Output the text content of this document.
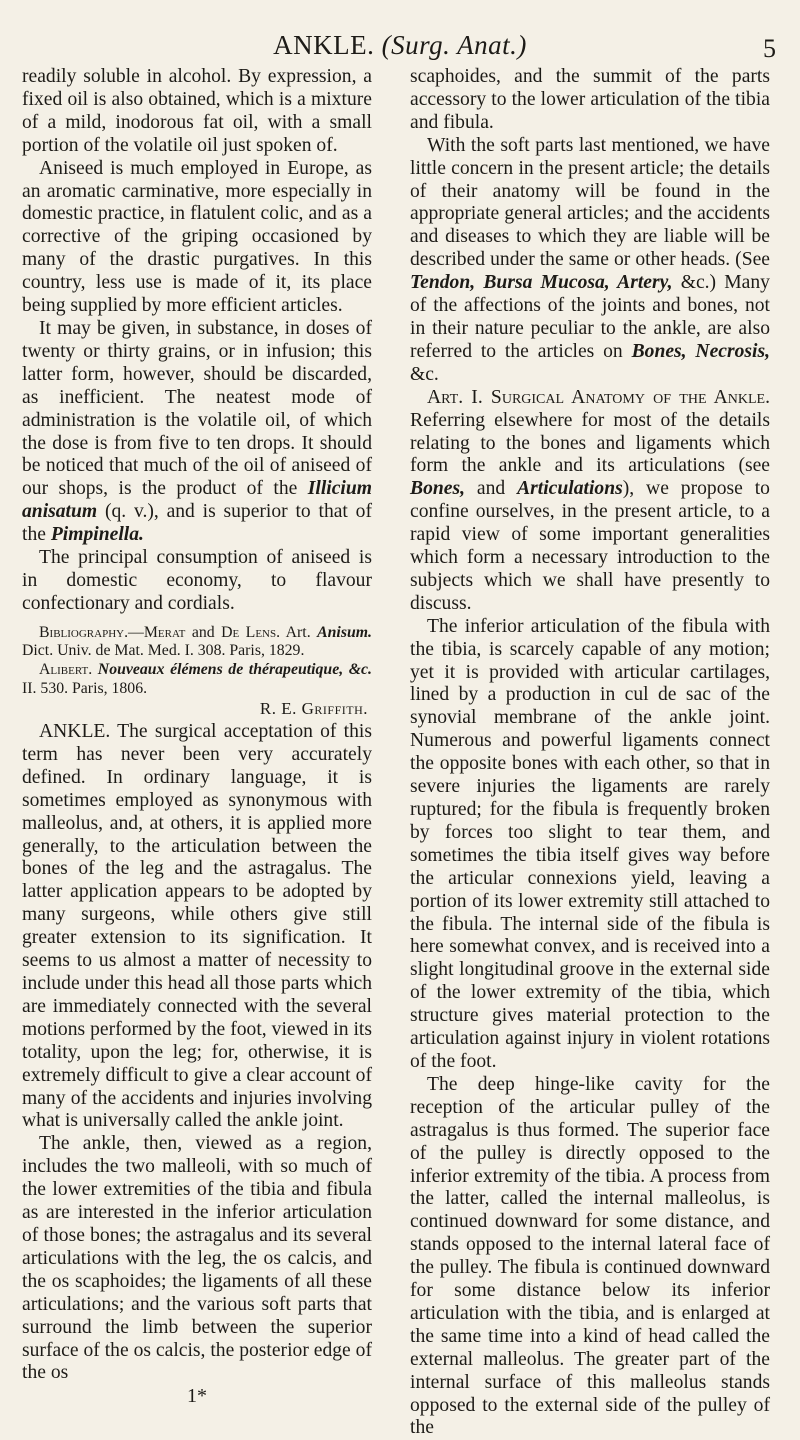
ANKLE. (Surg. Anat.)	5

readily soluble in alcohol. By expression, a fixed oil is also obtained, which is a mixture of a mild, inodorous fat oil, with a small portion of the volatile oil just spoken of.

Aniseed is much employed in Europe, as an aromatic carminative, more especially in domestic practice, in flatulent colic, and as a corrective of the griping occasioned by many of the drastic purgatives. In this country, less use is made of it, its place being supplied by more efficient articles.

It may be given, in substance, in doses of twenty or thirty grains, or in infusion; this latter form, however, should be discarded, as inefficient. The neatest mode of administration is the volatile oil, of which the dose is from five to ten drops. It should be noticed that much of the oil of aniseed of our shops, is the product of the Illicium anisatum (q. v.), and is superior to that of the Pimpinella.

The principal consumption of aniseed is in domestic economy, to flavour confectionary and cordials.

Bibliography.—Merat and De Lens. Art. Anisum. Dict. Univ. de Mat. Med. I. 308. Paris, 1829.

Alibert. Nouveaux élémens de thérapeutique, &c. II. 530. Paris, 1806.

R. E. Griffith.

ANKLE. The surgical acceptation of this term has never been very accurately defined. In ordinary language, it is sometimes employed as synonymous with malleolus, and, at others, it is applied more generally, to the articulation between the bones of the leg and the astragalus. The latter application appears to be adopted by many surgeons, while others give still greater extension to its signification. It seems to us almost a matter of necessity to include under this head all those parts which are immediately connected with the several motions performed by the foot, viewed in its totality, upon the leg; for, otherwise, it is extremely difficult to give a clear account of many of the accidents and injuries involving what is universally called the ankle joint.

The ankle, then, viewed as a region, includes the two malleoli, with so much of the lower extremities of the tibia and fibula as are interested in the inferior articulation of those bones; the astragalus and its several articulations with the leg, the os calcis, and the os scaphoides; the ligaments of all these articulations; and the various soft parts that surround the limb between the superior surface of the os calcis, the posterior edge of the os

1*

scaphoides, and the summit of the parts accessory to the lower articulation of the tibia and fibula.

With the soft parts last mentioned, we have little concern in the present article; the details of their anatomy will be found in the appropriate general articles; and the accidents and diseases to which they are liable will be described under the same or other heads. (See Tendon, Bursa Mucosa, Artery, &c.) Many of the affections of the joints and bones, not in their nature peculiar to the ankle, are also referred to the articles on Bones, Necrosis, &c.

Art. I. Surgical Anatomy of the Ankle. Referring elsewhere for most of the details relating to the bones and ligaments which form the ankle and its articulations (see Bones, and Articulations), we propose to confine ourselves, in the present article, to a rapid view of some important generalities which form a necessary introduction to the subjects which we shall have presently to discuss.

The inferior articulation of the fibula with the tibia, is scarcely capable of any motion; yet it is provided with articular cartilages, lined by a production in cul de sac of the synovial membrane of the ankle joint. Numerous and powerful ligaments connect the opposite bones with each other, so that in severe injuries the ligaments are rarely ruptured; for the fibula is frequently broken by forces too slight to tear them, and sometimes the tibia itself gives way before the articular connexions yield, leaving a portion of its lower extremity still attached to the fibula. The internal side of the fibula is here somewhat convex, and is received into a slight longitudinal groove in the external side of the lower extremity of the tibia, which structure gives material protection to the articulation against injury in violent rotations of the foot.

The deep hinge-like cavity for the reception of the articular pulley of the astragalus is thus formed. The superior face of the pulley is directly opposed to the inferior extremity of the tibia. A process from the latter, called the internal malleolus, is continued downward for some distance, and stands opposed to the internal lateral face of the pulley. The fibula is continued downward for some distance below its inferior articulation with the tibia, and is enlarged at the same time into a kind of head called the external malleolus. The greater part of the internal surface of this malleolus stands opposed to the external side of the pulley of the
